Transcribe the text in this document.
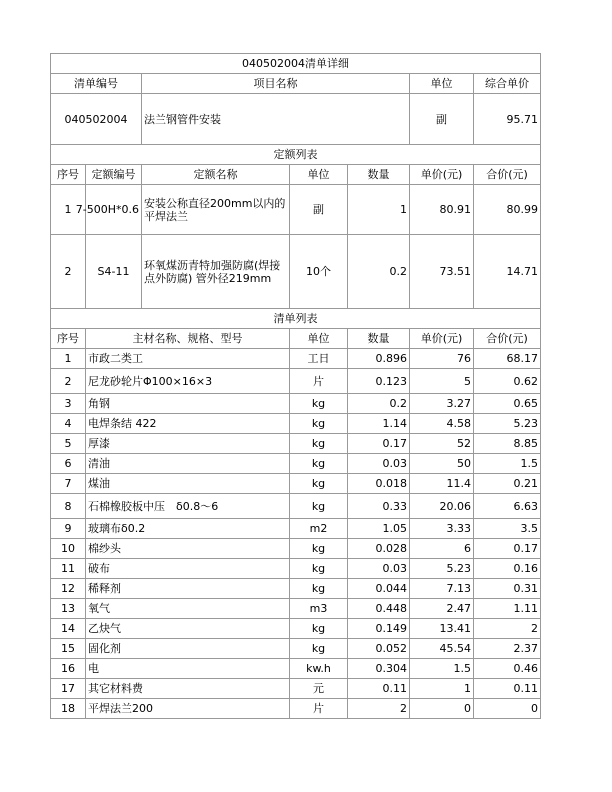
040502004清单详细						
清单编号		项目名称			单位	综合单价
040502004		法兰钢管件安装			副	95.71
定额列表						
序号	定额编号	定额名称	单位	数量	单价(元)	合价(元)
1	7-500H*0.6	安装公称直径200mm以内的平焊法兰	副	1	80.91	80.99
2	S4-11	环氧煤沥青特加强防腐(焊接点外防腐) 管外径219mm	10个	0.2	73.51	14.71
清单列表						
序号	主材名称、规格、型号		单位	数量	单价(元)	合价(元)
1	市政二类工		工日	0.896	76	68.17
2	尼龙砂轮片Φ100×16×3		片	0.123	5	0.62
3	角钢		kg	0.2	3.27	0.65
4	电焊条结 422		kg	1.14	4.58	5.23
5	厚漆		kg	0.17	52	8.85
6	清油		kg	0.03	50	1.5
7	煤油		kg	0.018	11.4	0.21
8	石棉橡胶板中压　δ0.8～6		kg	0.33	20.06	6.63
9	玻璃布δ0.2		m2	1.05	3.33	3.5
10	棉纱头		kg	0.028	6	0.17
11	破布		kg	0.03	5.23	0.16
12	稀释剂		kg	0.044	7.13	0.31
13	氧气		m3	0.448	2.47	1.11
14	乙炔气		kg	0.149	13.41	2
15	固化剂		kg	0.052	45.54	2.37
16	电		kw.h	0.304	1.5	0.46
17	其它材料费		元	0.11	1	0.11
18	平焊法兰200		片	2	0	0
